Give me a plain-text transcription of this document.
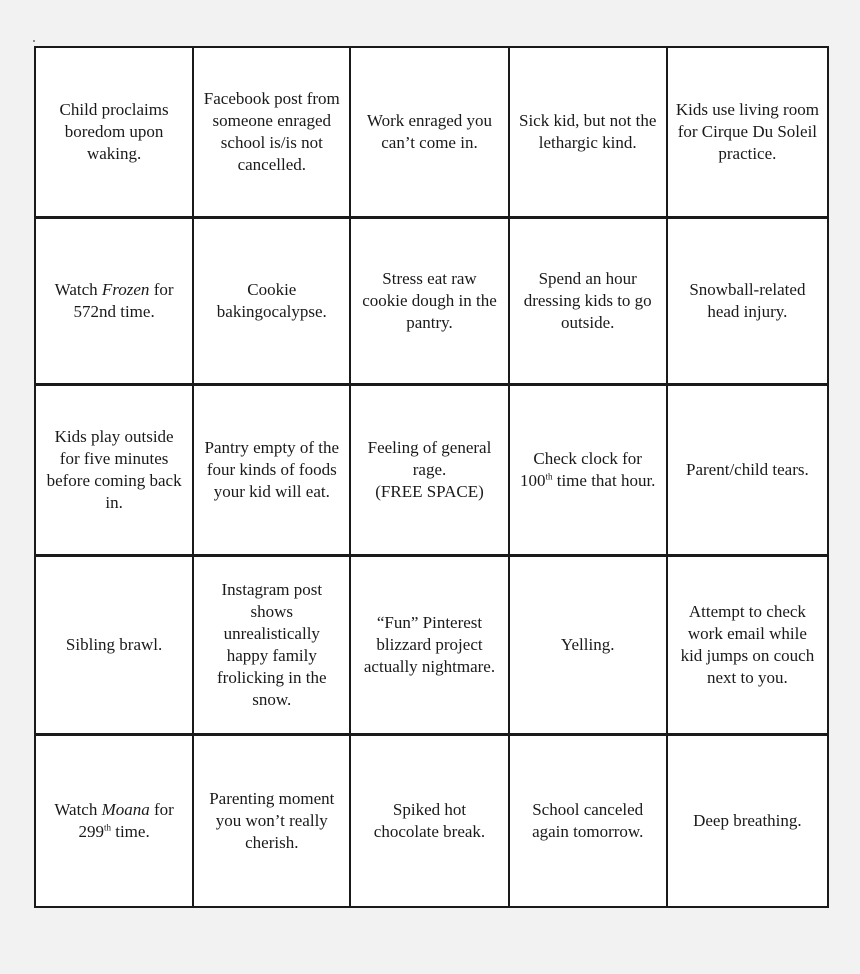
Child proclaims boredom upon waking.
Facebook post from someone enraged school is/is not cancelled.
Work enraged you can’t come in.
Sick kid, but not the lethargic kind.
Kids use living room for Cirque Du Soleil practice.
Watch Frozen for 572nd time.
Cookie bakingocalypse.
Stress eat raw cookie dough in the pantry.
Spend an hour dressing kids to go outside.
Snowball-related head injury.
Kids play outside for five minutes before coming back in.
Pantry empty of the four kinds of foods your kid will eat.
Feeling of general rage.
(FREE SPACE)
Check clock for 100th time that hour.
Parent/child tears.
Sibling brawl.
Instagram post shows unrealistically happy family frolicking in the snow.
“Fun” Pinterest blizzard project actually nightmare.
Yelling.
Attempt to check work email while kid jumps on couch next to you.
Watch Moana for 299th time.
Parenting moment you won’t really cherish.
Spiked hot chocolate break.
School canceled again tomorrow.
Deep breathing.
